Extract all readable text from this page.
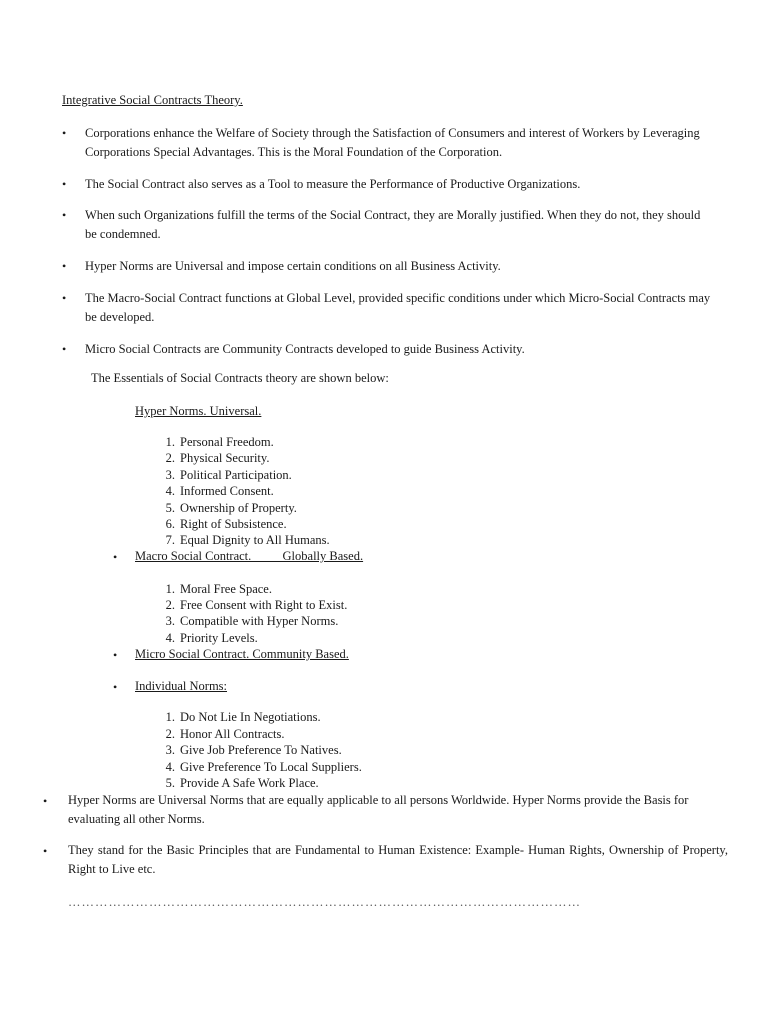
Integrative Social Contracts Theory.
• Corporations enhance the Welfare of Society through the Satisfaction of Consumers and interest of Workers by Leveraging Corporations Special Advantages. This is the Moral Foundation of the Corporation.
• The Social Contract also serves as a Tool to measure the Performance of Productive Organizations.
• When such Organizations fulfill the terms of the Social Contract, they are Morally justified. When they do not, they should be condemned.
• Hyper Norms are Universal and impose certain conditions on all Business Activity.
• The Macro-Social Contract functions at Global Level, provided specific conditions under which Micro-Social Contracts may be developed.
• Micro Social Contracts are Community Contracts developed to guide Business Activity.
The Essentials of Social Contracts theory are shown below:
Hyper Norms. Universal.
1. Personal Freedom.
2. Physical Security.
3. Political Participation.
4. Informed Consent.
5. Ownership of Property.
6. Right of Subsistence.
7. Equal Dignity to All Humans.
• Macro Social Contract.          Globally Based.
1. Moral Free Space.
2. Free Consent with Right to Exist.
3. Compatible with Hyper Norms.
4. Priority Levels.
• Micro Social Contract. Community Based.
• Individual Norms:
1. Do Not Lie In Negotiations.
2. Honor All Contracts.
3. Give Job Preference To Natives.
4. Give Preference To Local Suppliers.
5. Provide A Safe Work Place.
• Hyper Norms are Universal Norms that are equally applicable to all persons Worldwide. Hyper Norms provide the Basis for evaluating all other Norms.
• They stand for the Basic Principles that are Fundamental to Human Existence: Example- Human Rights, Ownership of Property, Right to Live etc.
……………………………………………………………………………………………………
